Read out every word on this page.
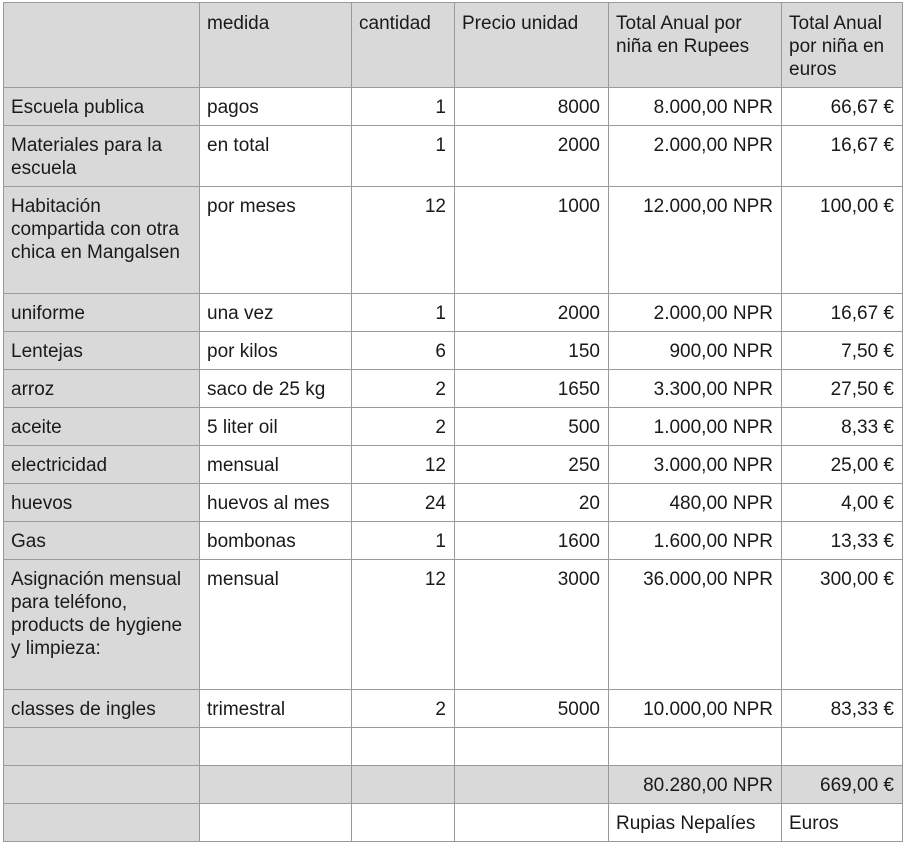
	medida	cantidad	Precio unidad	Total Anual por niña en Rupees	Total Anual por niña en euros
Escuela publica	pagos	1	8000	8.000,00 NPR	66,67 €
Materiales para la escuela	en total	1	2000	2.000,00 NPR	16,67 €
Habitación compartida con otra chica en Mangalsen	por meses	12	1000	12.000,00 NPR	100,00 €
uniforme	una vez	1	2000	2.000,00 NPR	16,67 €
Lentejas	por kilos	6	150	900,00 NPR	7,50 €
arroz	saco de 25 kg	2	1650	3.300,00 NPR	27,50 €
aceite	5 liter oil	2	500	1.000,00 NPR	8,33 €
electricidad	mensual	12	250	3.000,00 NPR	25,00 €
huevos	huevos al mes	24	20	480,00 NPR	4,00 €
Gas	bombonas	1	1600	1.600,00 NPR	13,33 €
Asignación mensual para teléfono, products de hygiene y limpieza:	mensual	12	3000	36.000,00 NPR	300,00 €
classes de ingles	trimestral	2	5000	10.000,00 NPR	83,33 €

				80.280,00 NPR	669,00 €
				Rupias Nepalíes	Euros
